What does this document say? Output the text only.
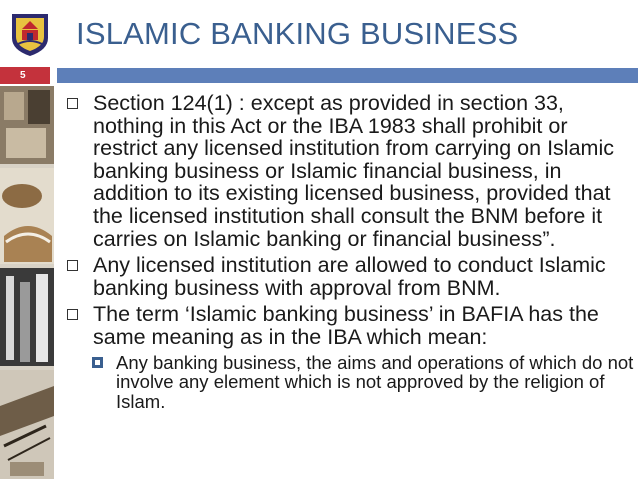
ISLAMIC BANKING BUSINESS
5
Section 124(1) : except as provided in section 33, nothing in this Act or the IBA 1983 shall prohibit or restrict any licensed institution from carrying on Islamic banking business or Islamic financial business, in addition to its existing licensed business, provided that the licensed institution shall consult the BNM before it carries on Islamic banking or financial business”.
Any licensed institution are allowed to conduct Islamic banking business with approval from BNM.
The term ‘Islamic banking business’ in BAFIA has the same meaning as in the IBA which mean:
Any banking business, the aims and operations of which do not involve any element which is not approved by the religion of Islam.
